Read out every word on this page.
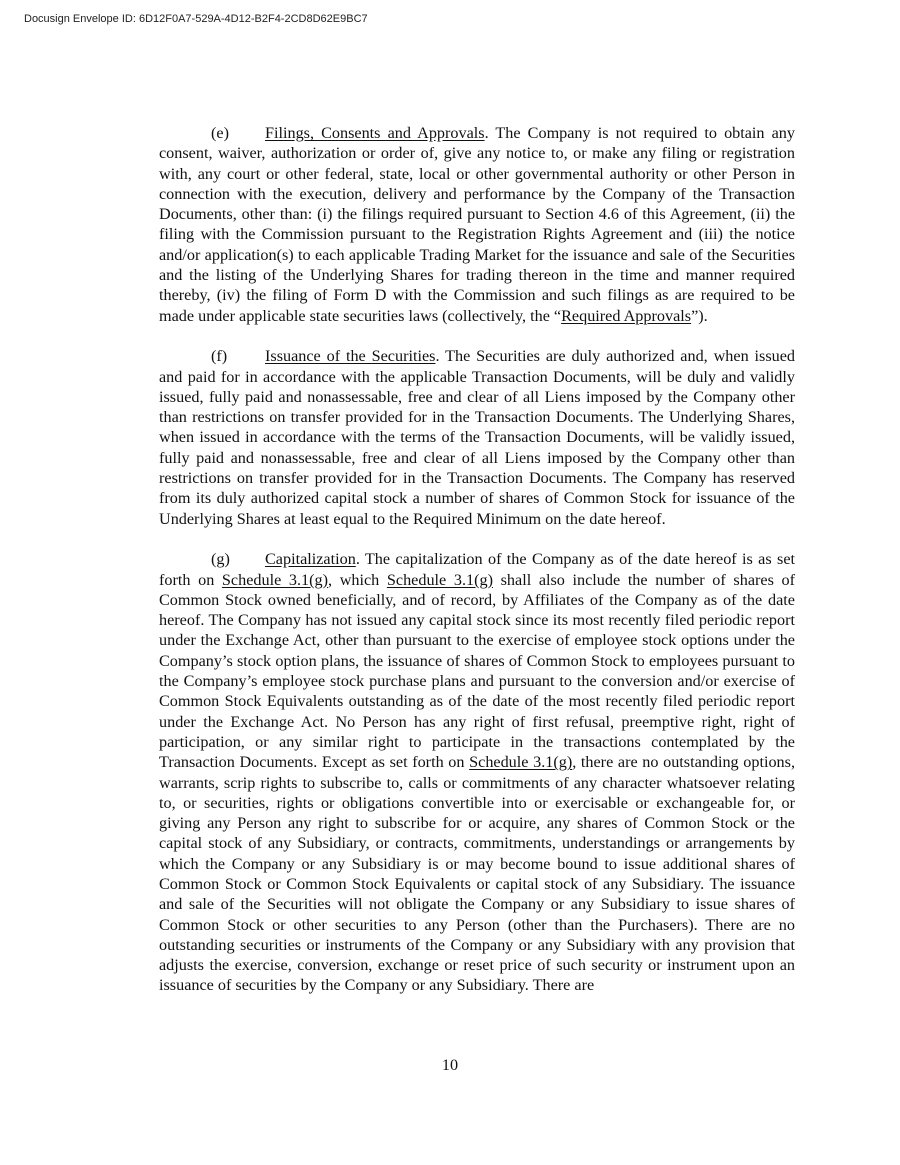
Docusign Envelope ID: 6D12F0A7-529A-4D12-B2F4-2CD8D62E9BC7

(e) Filings, Consents and Approvals. The Company is not required to obtain any consent, waiver, authorization or order of, give any notice to, or make any filing or registration with, any court or other federal, state, local or other governmental authority or other Person in connection with the execution, delivery and performance by the Company of the Transaction Documents, other than: (i) the filings required pursuant to Section 4.6 of this Agreement, (ii) the filing with the Commission pursuant to the Registration Rights Agreement and (iii) the notice and/or application(s) to each applicable Trading Market for the issuance and sale of the Securities and the listing of the Underlying Shares for trading thereon in the time and manner required thereby, (iv) the filing of Form D with the Commission and such filings as are required to be made under applicable state securities laws (collectively, the “Required Approvals”).

(f) Issuance of the Securities. The Securities are duly authorized and, when issued and paid for in accordance with the applicable Transaction Documents, will be duly and validly issued, fully paid and nonassessable, free and clear of all Liens imposed by the Company other than restrictions on transfer provided for in the Transaction Documents. The Underlying Shares, when issued in accordance with the terms of the Transaction Documents, will be validly issued, fully paid and nonassessable, free and clear of all Liens imposed by the Company other than restrictions on transfer provided for in the Transaction Documents. The Company has reserved from its duly authorized capital stock a number of shares of Common Stock for issuance of the Underlying Shares at least equal to the Required Minimum on the date hereof.

(g) Capitalization. The capitalization of the Company as of the date hereof is as set forth on Schedule 3.1(g), which Schedule 3.1(g) shall also include the number of shares of Common Stock owned beneficially, and of record, by Affiliates of the Company as of the date hereof. The Company has not issued any capital stock since its most recently filed periodic report under the Exchange Act, other than pursuant to the exercise of employee stock options under the Company’s stock option plans, the issuance of shares of Common Stock to employees pursuant to the Company’s employee stock purchase plans and pursuant to the conversion and/or exercise of Common Stock Equivalents outstanding as of the date of the most recently filed periodic report under the Exchange Act. No Person has any right of first refusal, preemptive right, right of participation, or any similar right to participate in the transactions contemplated by the Transaction Documents. Except as set forth on Schedule 3.1(g), there are no outstanding options, warrants, scrip rights to subscribe to, calls or commitments of any character whatsoever relating to, or securities, rights or obligations convertible into or exercisable or exchangeable for, or giving any Person any right to subscribe for or acquire, any shares of Common Stock or the capital stock of any Subsidiary, or contracts, commitments, understandings or arrangements by which the Company or any Subsidiary is or may become bound to issue additional shares of Common Stock or Common Stock Equivalents or capital stock of any Subsidiary. The issuance and sale of the Securities will not obligate the Company or any Subsidiary to issue shares of Common Stock or other securities to any Person (other than the Purchasers). There are no outstanding securities or instruments of the Company or any Subsidiary with any provision that adjusts the exercise, conversion, exchange or reset price of such security or instrument upon an issuance of securities by the Company or any Subsidiary. There are

10
